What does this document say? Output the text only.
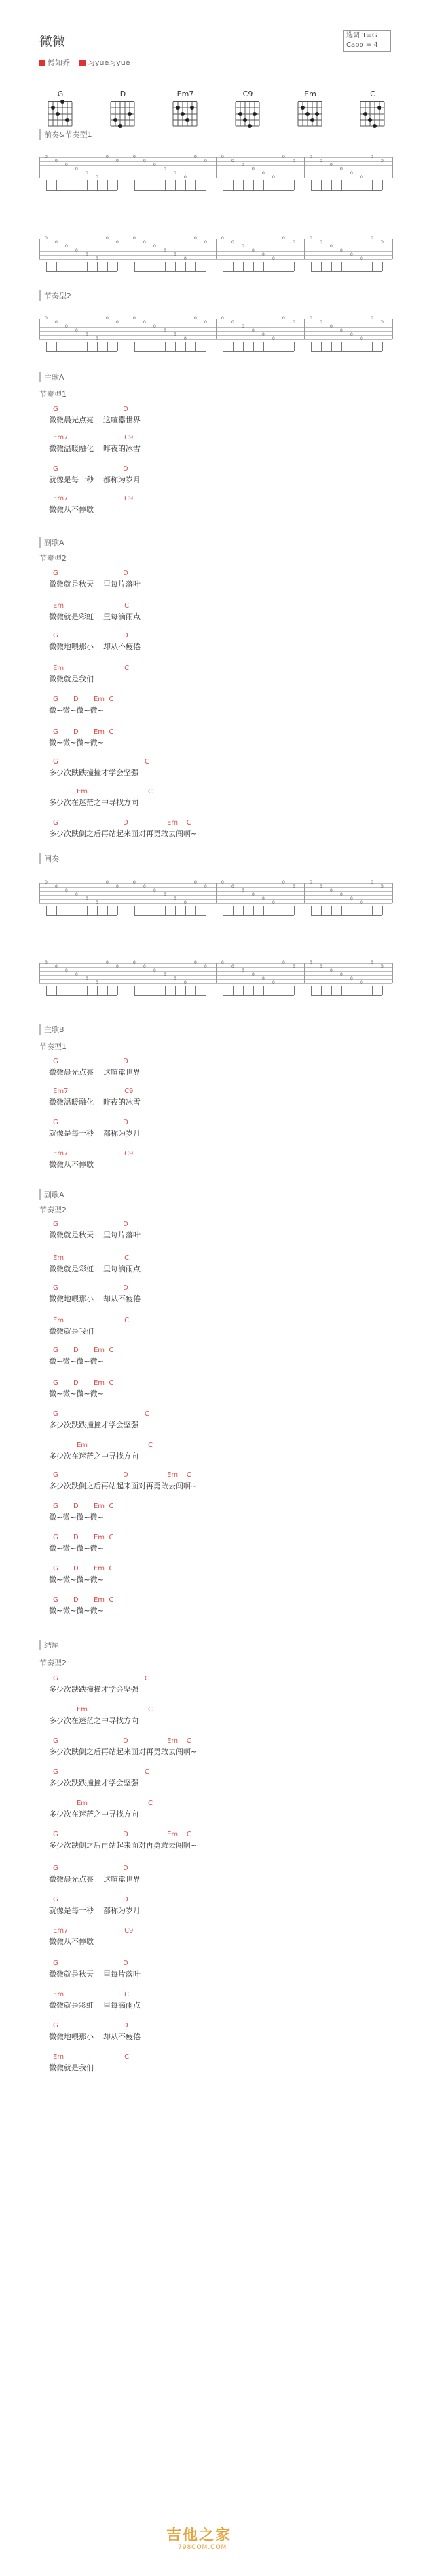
微微	选调 1=G
Capo = 4
傅如乔 习yue习yue
G	D	Em7	C9	Em	C
前奏&节奏型1
0
0
0
0
0
0
0
0
0
0
0
0
0
0
0
0
0
0
0
0
0
0
0
0
0
0
0
0
0
0
0
0
0
0
0
0
0
0
0
0
0
0
0
0
0
0
0
0
0
0
0
0
0
0
0
0
0
0
0
0
0
0
0
0
节奏型2
0
0
0
0
0
0
0
0
0
0
0
0
0
0
0
0
0
0
0
0
0
0
0
0
0
0
0
0
0
0
0
0
主歌A
节奏型1
G                              D
微微晨光点亮    这喧嚣世界
Em7                          C9
微微温暖融化    昨夜的冰雪
G                              D
就像是每一秒    都称为岁月
Em7                          C9
微微从不停歇
副歌A
节奏型2
G                              D
微微就是秋天    里每片落叶
Em                            C
微微就是彩虹    里每滴雨点
G                              D
微微地喂那小    却从不疲倦
Em                            C
微微就是我们
G       D       Em  C
微~微~微~微~
G       D       Em  C
微~微~微~微~
G                                        C
多少次跌跌撞撞才学会坚强
Em                            C
多少次在迷茫之中寻找方向
G                              D                  Em    C
多少次跌倒之后再站起来面对再勇敢去闯啊~
间奏
0
0
0
0
0
0
0
0
0
0
0
0
0
0
0
0
0
0
0
0
0
0
0
0
0
0
0
0
0
0
0
0
0
0
0
0
0
0
0
0
0
0
0
0
0
0
0
0
0
0
0
0
0
0
0
0
0
0
0
0
0
0
0
0
主歌B
节奏型1
G                              D
微微晨光点亮    这喧嚣世界
Em7                          C9
微微温暖融化    昨夜的冰雪
G                              D
就像是每一秒    都称为岁月
Em7                          C9
微微从不停歇
副歌A
节奏型2
G                              D
微微就是秋天    里每片落叶
Em                            C
微微就是彩虹    里每滴雨点
G                              D
微微地喂那小    却从不疲倦
Em                            C
微微就是我们
G       D       Em  C
微~微~微~微~
G       D       Em  C
微~微~微~微~
G                                        C
多少次跌跌撞撞才学会坚强
Em                            C
多少次在迷茫之中寻找方向
G                              D                  Em    C
多少次跌倒之后再站起来面对再勇敢去闯啊~
G       D       Em  C
微~微~微~微~
G       D       Em  C
微~微~微~微~
G       D       Em  C
微~微~微~微~
G       D       Em  C
微~微~微~微~
结尾
节奏型2
G                                        C
多少次跌跌撞撞才学会坚强
Em                            C
多少次在迷茫之中寻找方向
G                              D                  Em    C
多少次跌倒之后再站起来面对再勇敢去闯啊~
G                                        C
多少次跌跌撞撞才学会坚强
Em                            C
多少次在迷茫之中寻找方向
G                              D                  Em    C
多少次跌倒之后再站起来面对再勇敢去闯啊~
G                              D
微微晨光点亮    这喧嚣世界
G                              D
就像是每一秒    都称为岁月
Em7                          C9
微微从不停歇
G                              D
微微就是秋天    里每片落叶
Em                            C
微微就是彩虹    里每滴雨点
G                              D
微微地喂那小    却从不疲倦
Em                            C
微微就是我们
吉他之家
798COM.COM
